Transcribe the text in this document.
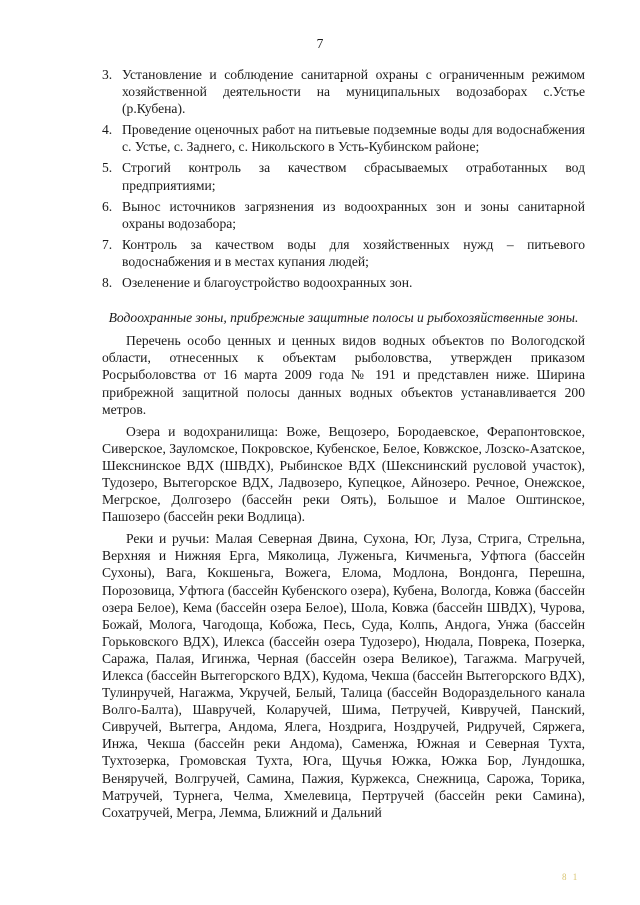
7
3. Установление и соблюдение санитарной охраны с ограниченным режимом хозяйственной деятельности на муниципальных водозаборах с.Устье (р.Кубена).
4. Проведение оценочных работ на питьевые подземные воды для водоснабжения с. Устье, с. Заднего, с. Никольского в Усть-Кубинском районе;
5. Строгий контроль за качеством сбрасываемых отработанных вод предприятиями;
6. Вынос источников загрязнения из водоохранных зон и зоны санитарной охраны водозабора;
7. Контроль за качеством воды для хозяйственных нужд – питьевого водоснабжения и в местах купания людей;
8. Озеленение и благоустройство водоохранных зон.
Водоохранные зоны, прибрежные защитные полосы и рыбохозяйственные зоны.

Перечень особо ценных и ценных видов водных объектов по Вологодской области, отнесенных к объектам рыболовства, утвержден приказом Росрыболовства от 16 марта 2009 года № 191 и представлен ниже. Ширина прибрежной защитной полосы данных водных объектов устанавливается 200 метров.

Озера и водохранилища: Воже, Вещозеро, Бородаевское, Ферапонтовское, Сиверское, Зауломское, Покровское, Кубенское, Белое, Ковжское, Лозско-Азатское, Шекснинское ВДХ (ШВДХ), Рыбинское ВДХ (Шекснинский русловой участок), Тудозеро, Вытегорское ВДХ, Ладвозеро, Купецкое, Айнозеро. Речное, Онежское, Мегрское, Долгозеро (бассейн реки Оять), Большое и Малое Оштинское, Пашозеро (бассейн реки Водлица).

Реки и ручьи: Малая Северная Двина, Сухона, Юг, Луза, Стрига, Стрельна, Верхняя и Нижняя Ерга, Мяколица, Луженьга, Кичменьга, Уфтюга (бассейн Сухоны), Вага, Кокшеньга, Вожега, Елома, Модлона, Вондонга, Перешна, Порозовица, Уфтюга (бассейн Кубенского озера), Кубена, Вологда, Ковжа (бассейн озера Белое), Кема (бассейн озера Белое), Шола, Ковжа (бассейн ШВДХ), Чурова, Божай, Молога, Чагодоща, Кобожа, Песь, Суда, Колпь, Андога, Унжа (бассейн Горьковского ВДХ), Илекса (бассейн озера Тудозеро), Нюдала, Поврека, Позерка, Саража, Палая, Игинжа, Черная (бассейн озера Великое), Тагажма. Магручей, Илекса (бассейн Вытегорского ВДХ), Кудома, Чекша (бассейн Вытегорского ВДХ), Тулинручей, Нагажма, Укручей, Белый, Талица (бассейн Водораздельного канала Волго-Балта), Шавручей, Коларучей, Шима, Петручей, Кивручей, Панский, Сивручей, Вытегра, Андома, Ялега, Ноздрига, Ноздручей, Ридручей, Сяржега, Инжа, Чекша (бассейн реки Андома), Саменжа, Южная и Северная Тухта, Тухтозерка, Громовская Тухта, Юга, Щучья Южка, Южка Бор, Лундошка, Веняручей, Волгручей, Самина, Пажия, Куржекса, Снежница, Сарожа, Торика, Матручей, Турнега, Челма, Хмелевица, Пертручей (бассейн реки Самина), Сохатручей, Мегра, Лемма, Ближний и Дальний

8 1
